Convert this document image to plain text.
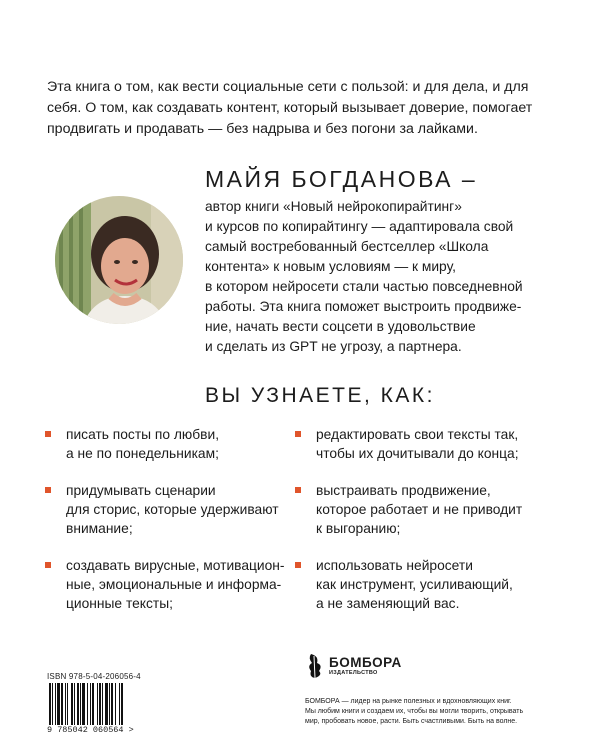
Эта книга о том, как вести социальные сети с пользой: и для дела, и для
себя. О том, как создавать контент, который вызывает доверие, помогает
продвигать и продавать — без надрыва и без погони за лайками.

МАЙЯ БОГДАНОВА –

автор книги «Новый нейрокопирайтинг»
и курсов по копирайтингу — адаптировала свой
самый востребованный бестселлер «Школа
контента» к новым условиям — к миру,
в котором нейросети стали частью повседневной
работы. Эта книга поможет выстроить продвиже-
ние, начать вести соцсети в удовольствие
и сделать из GPT не угрозу, а партнера.

ВЫ УЗНАЕТЕ, КАК:
писать посты по любви,
а не по понедельникам;
придумывать сценарии
для сторис, которые удерживают
внимание;
создавать вирусные, мотивацион-
ные, эмоциональные и информа-
ционные тексты;
редактировать свои тексты так,
чтобы их дочитывали до конца;
выстраивать продвижение,
которое работает и не приводит
к выгоранию;
использовать нейросети
как инструмент, усиливающий,
а не заменяющий вас.
ISBN 978-5-04-206056-4
9 785042 060564 >
БОМБОРА
ИЗДАТЕЛЬСТВО

БОМБОРА — лидер на рынке полезных и вдохновляющих книг.
Мы любим книги и создаем их, чтобы вы могли творить, открывать
мир, пробовать новое, расти. Быть счастливыми. Быть на волне.
